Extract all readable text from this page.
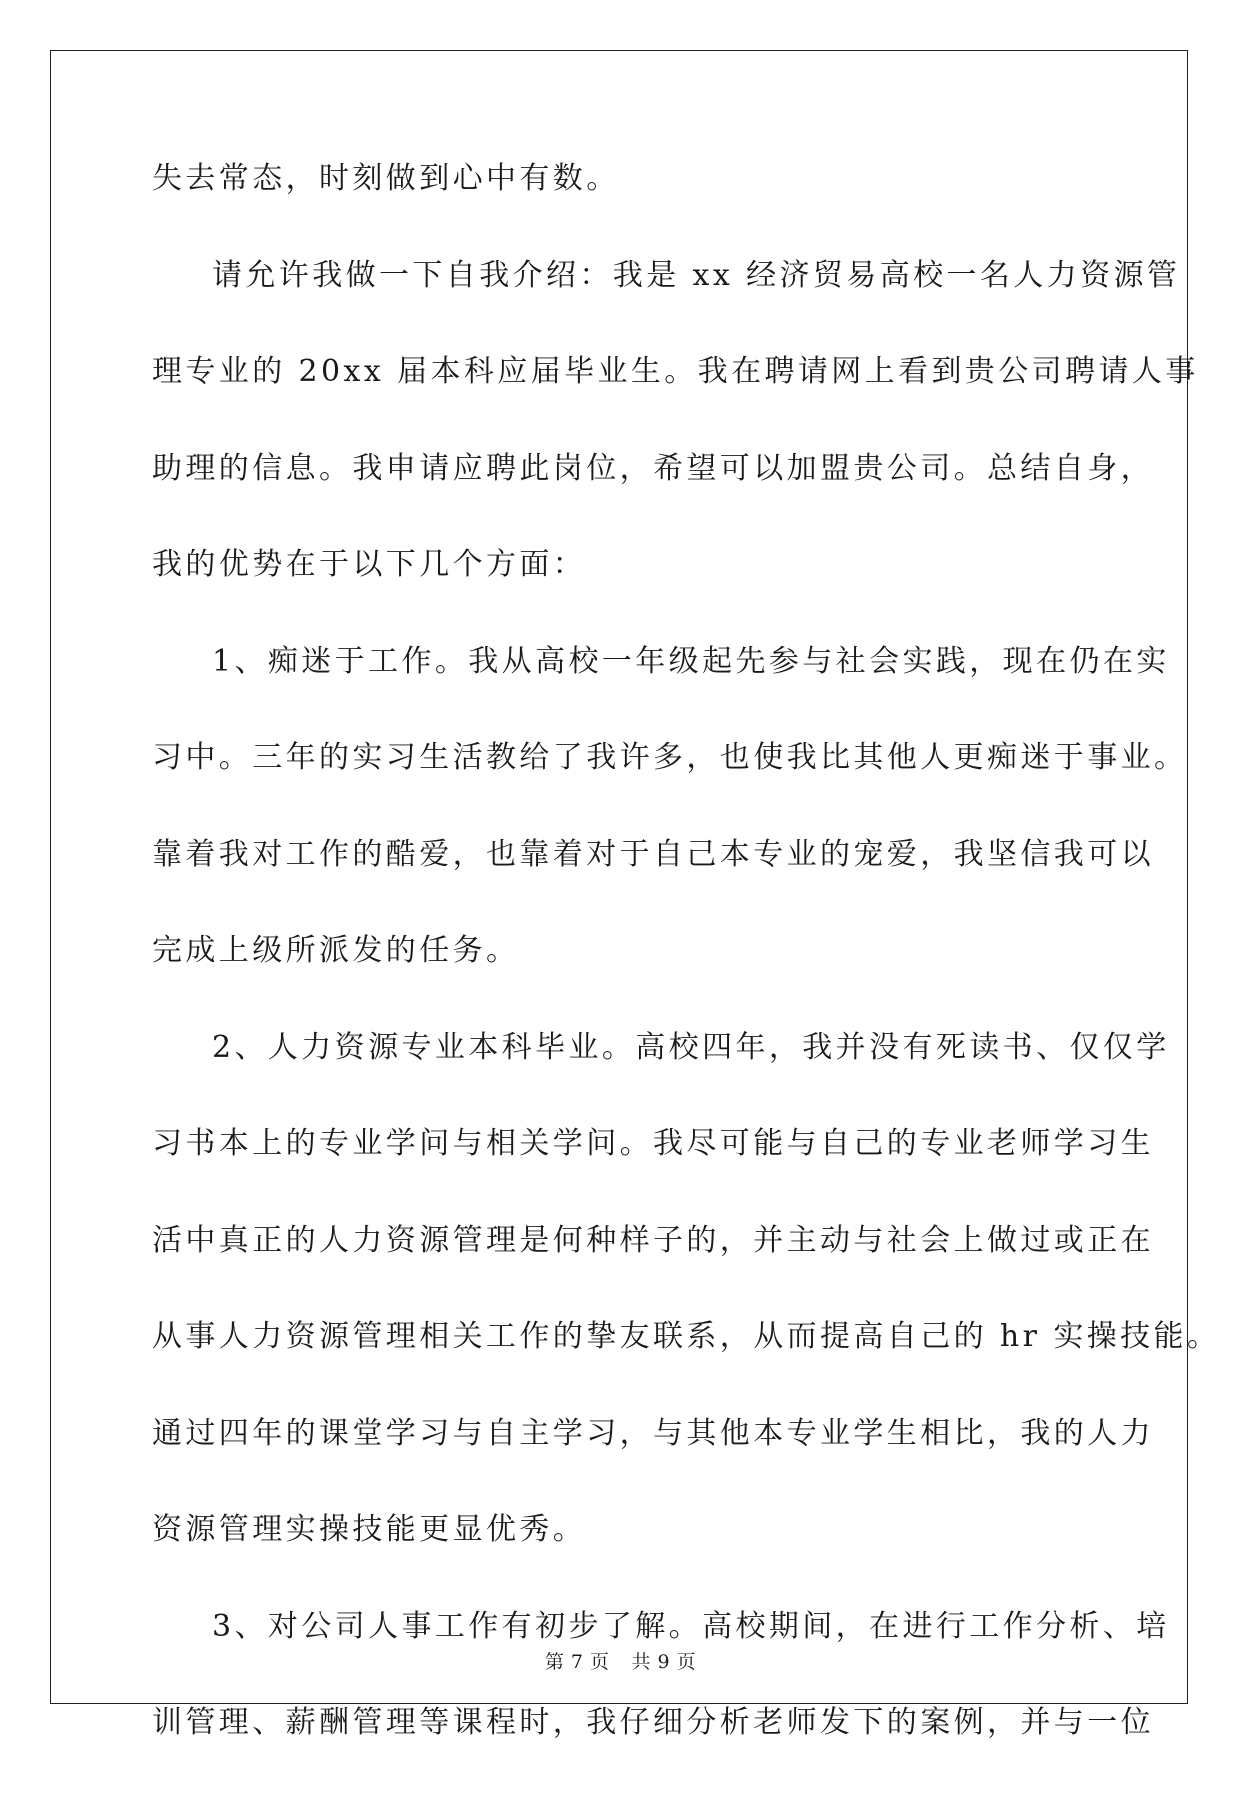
失去常态，时刻做到心中有数。
请允许我做一下自我介绍：我是 xx 经济贸易高校一名人力资源管
理专业的 20xx 届本科应届毕业生。我在聘请网上看到贵公司聘请人事
助理的信息。我申请应聘此岗位，希望可以加盟贵公司。总结自身，
我的优势在于以下几个方面：
1、痴迷于工作。我从高校一年级起先参与社会实践，现在仍在实
习中。三年的实习生活教给了我许多，也使我比其他人更痴迷于事业。
靠着我对工作的酷爱，也靠着对于自己本专业的宠爱，我坚信我可以
完成上级所派发的任务。
2、人力资源专业本科毕业。高校四年，我并没有死读书、仅仅学
习书本上的专业学问与相关学问。我尽可能与自己的专业老师学习生
活中真正的人力资源管理是何种样子的，并主动与社会上做过或正在
从事人力资源管理相关工作的挚友联系，从而提高自己的 hr 实操技能。
通过四年的课堂学习与自主学习，与其他本专业学生相比，我的人力
资源管理实操技能更显优秀。
3、对公司人事工作有初步了解。高校期间，在进行工作分析、培
训管理、薪酬管理等课程时，我仔细分析老师发下的案例，并与一位
第 7 页 共 9 页
